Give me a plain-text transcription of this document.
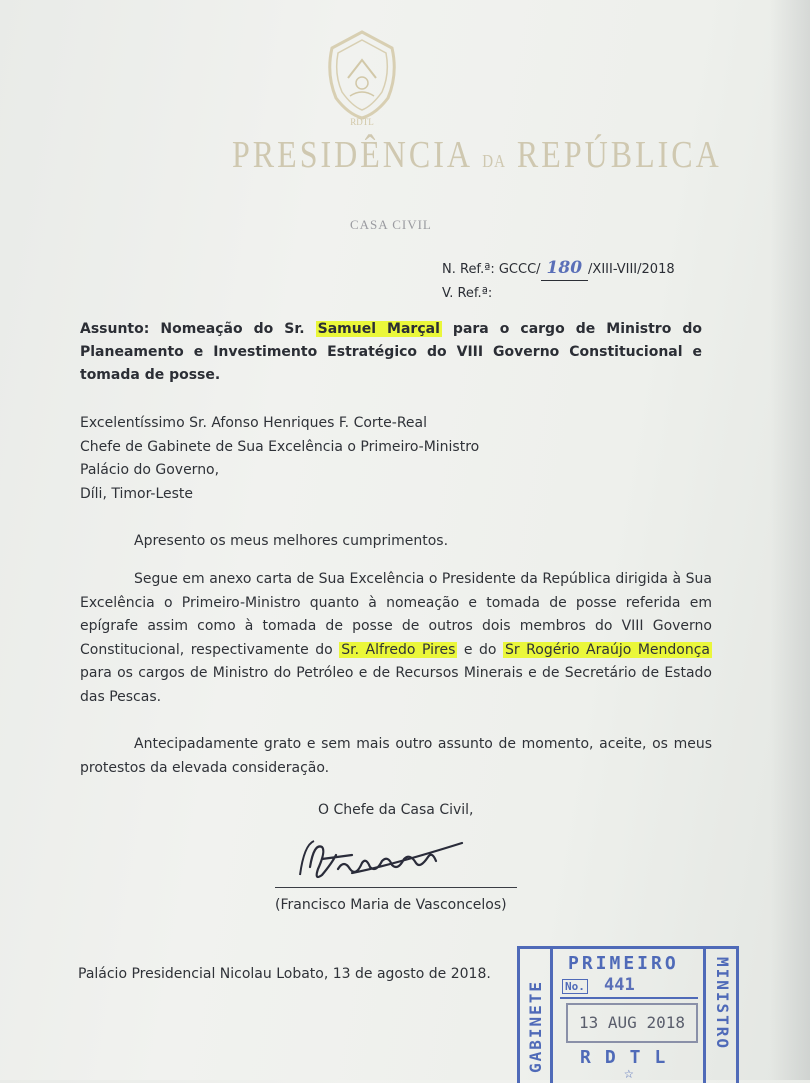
RDTL
PRESIDÊNCIA DA REPÚBLICA
CASA CIVIL
N. Ref.ª: GCCC/ 180 /XIII-VIII/2018
V. Ref.ª:
Assunto: Nomeação do Sr. Samuel Marçal para o cargo de Ministro do Planeamento e Investimento Estratégico do VIII Governo Constitucional e tomada de posse.
Excelentíssimo Sr. Afonso Henriques F. Corte-Real
Chefe de Gabinete de Sua Excelência o Primeiro-Ministro
Palácio do Governo,
Díli, Timor-Leste
Apresento os meus melhores cumprimentos.
Segue em anexo carta de Sua Excelência o Presidente da República dirigida à Sua Excelência o Primeiro-Ministro quanto à nomeação e tomada de posse referida em epígrafe assim como à tomada de posse de outros dois membros do VIII Governo Constitucional, respectivamente do Sr. Alfredo Pires e do Sr Rogério Araújo Mendonça para os cargos de Ministro do Petróleo e de Recursos Minerais e de Secretário de Estado das Pescas.
Antecipadamente grato e sem mais outro assunto de momento, aceite, os meus protestos da elevada consideração.
O Chefe da Casa Civil,
(Francisco Maria de Vasconcelos)
Palácio Presidencial Nicolau Lobato, 13 de agosto de 2018.
GABINETE
PRIMEIRO
No. 441
13 AUG 2018
RDTL
☆
MINISTRO
